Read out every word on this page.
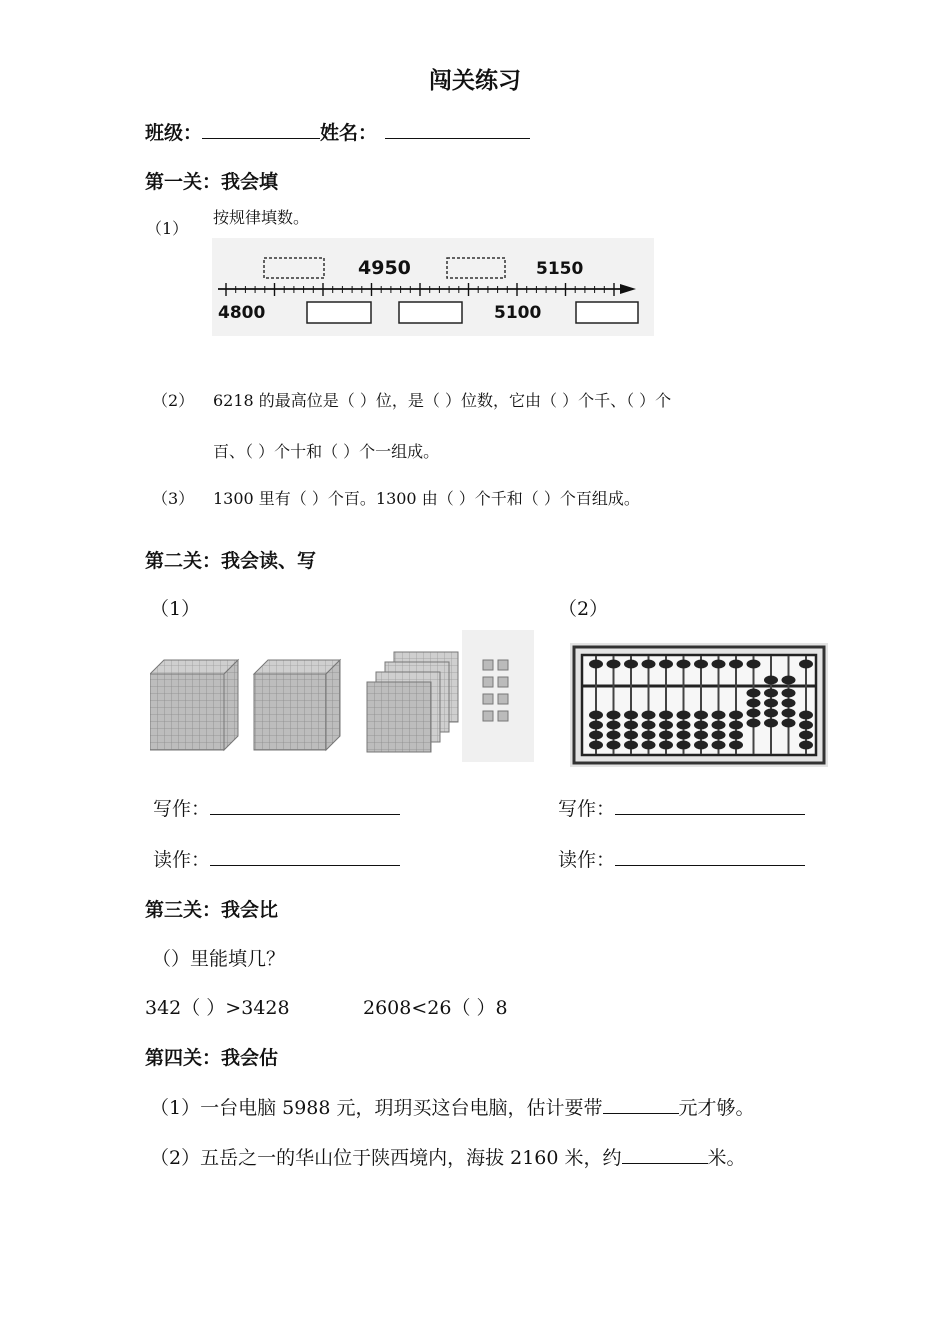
闯关练习
班级：	姓名：
第一关：我会填
（1）
按规律填数。
4950	5150
4800	5100
（2） 6218 的最高位是（ ）位，是（ ）位数，它由（ ）个千、（ ）个
百、（ ）个十和（ ）个一组成。
（3） 1300 里有（ ）个百。1300 由（ ）个千和（ ）个百组成。
第二关：我会读、写
（1）	（2）
写作：	写作：
读作：	读作：
第三关：我会比
（）里能填几？
342（ ）>3428	2608<26（ ）8
第四关：我会估
（1）一台电脑 5988 元，玥玥买这台电脑，估计要带	元才够。
（2）五岳之一的华山位于陕西境内，海拔 2160 米，约	米。
